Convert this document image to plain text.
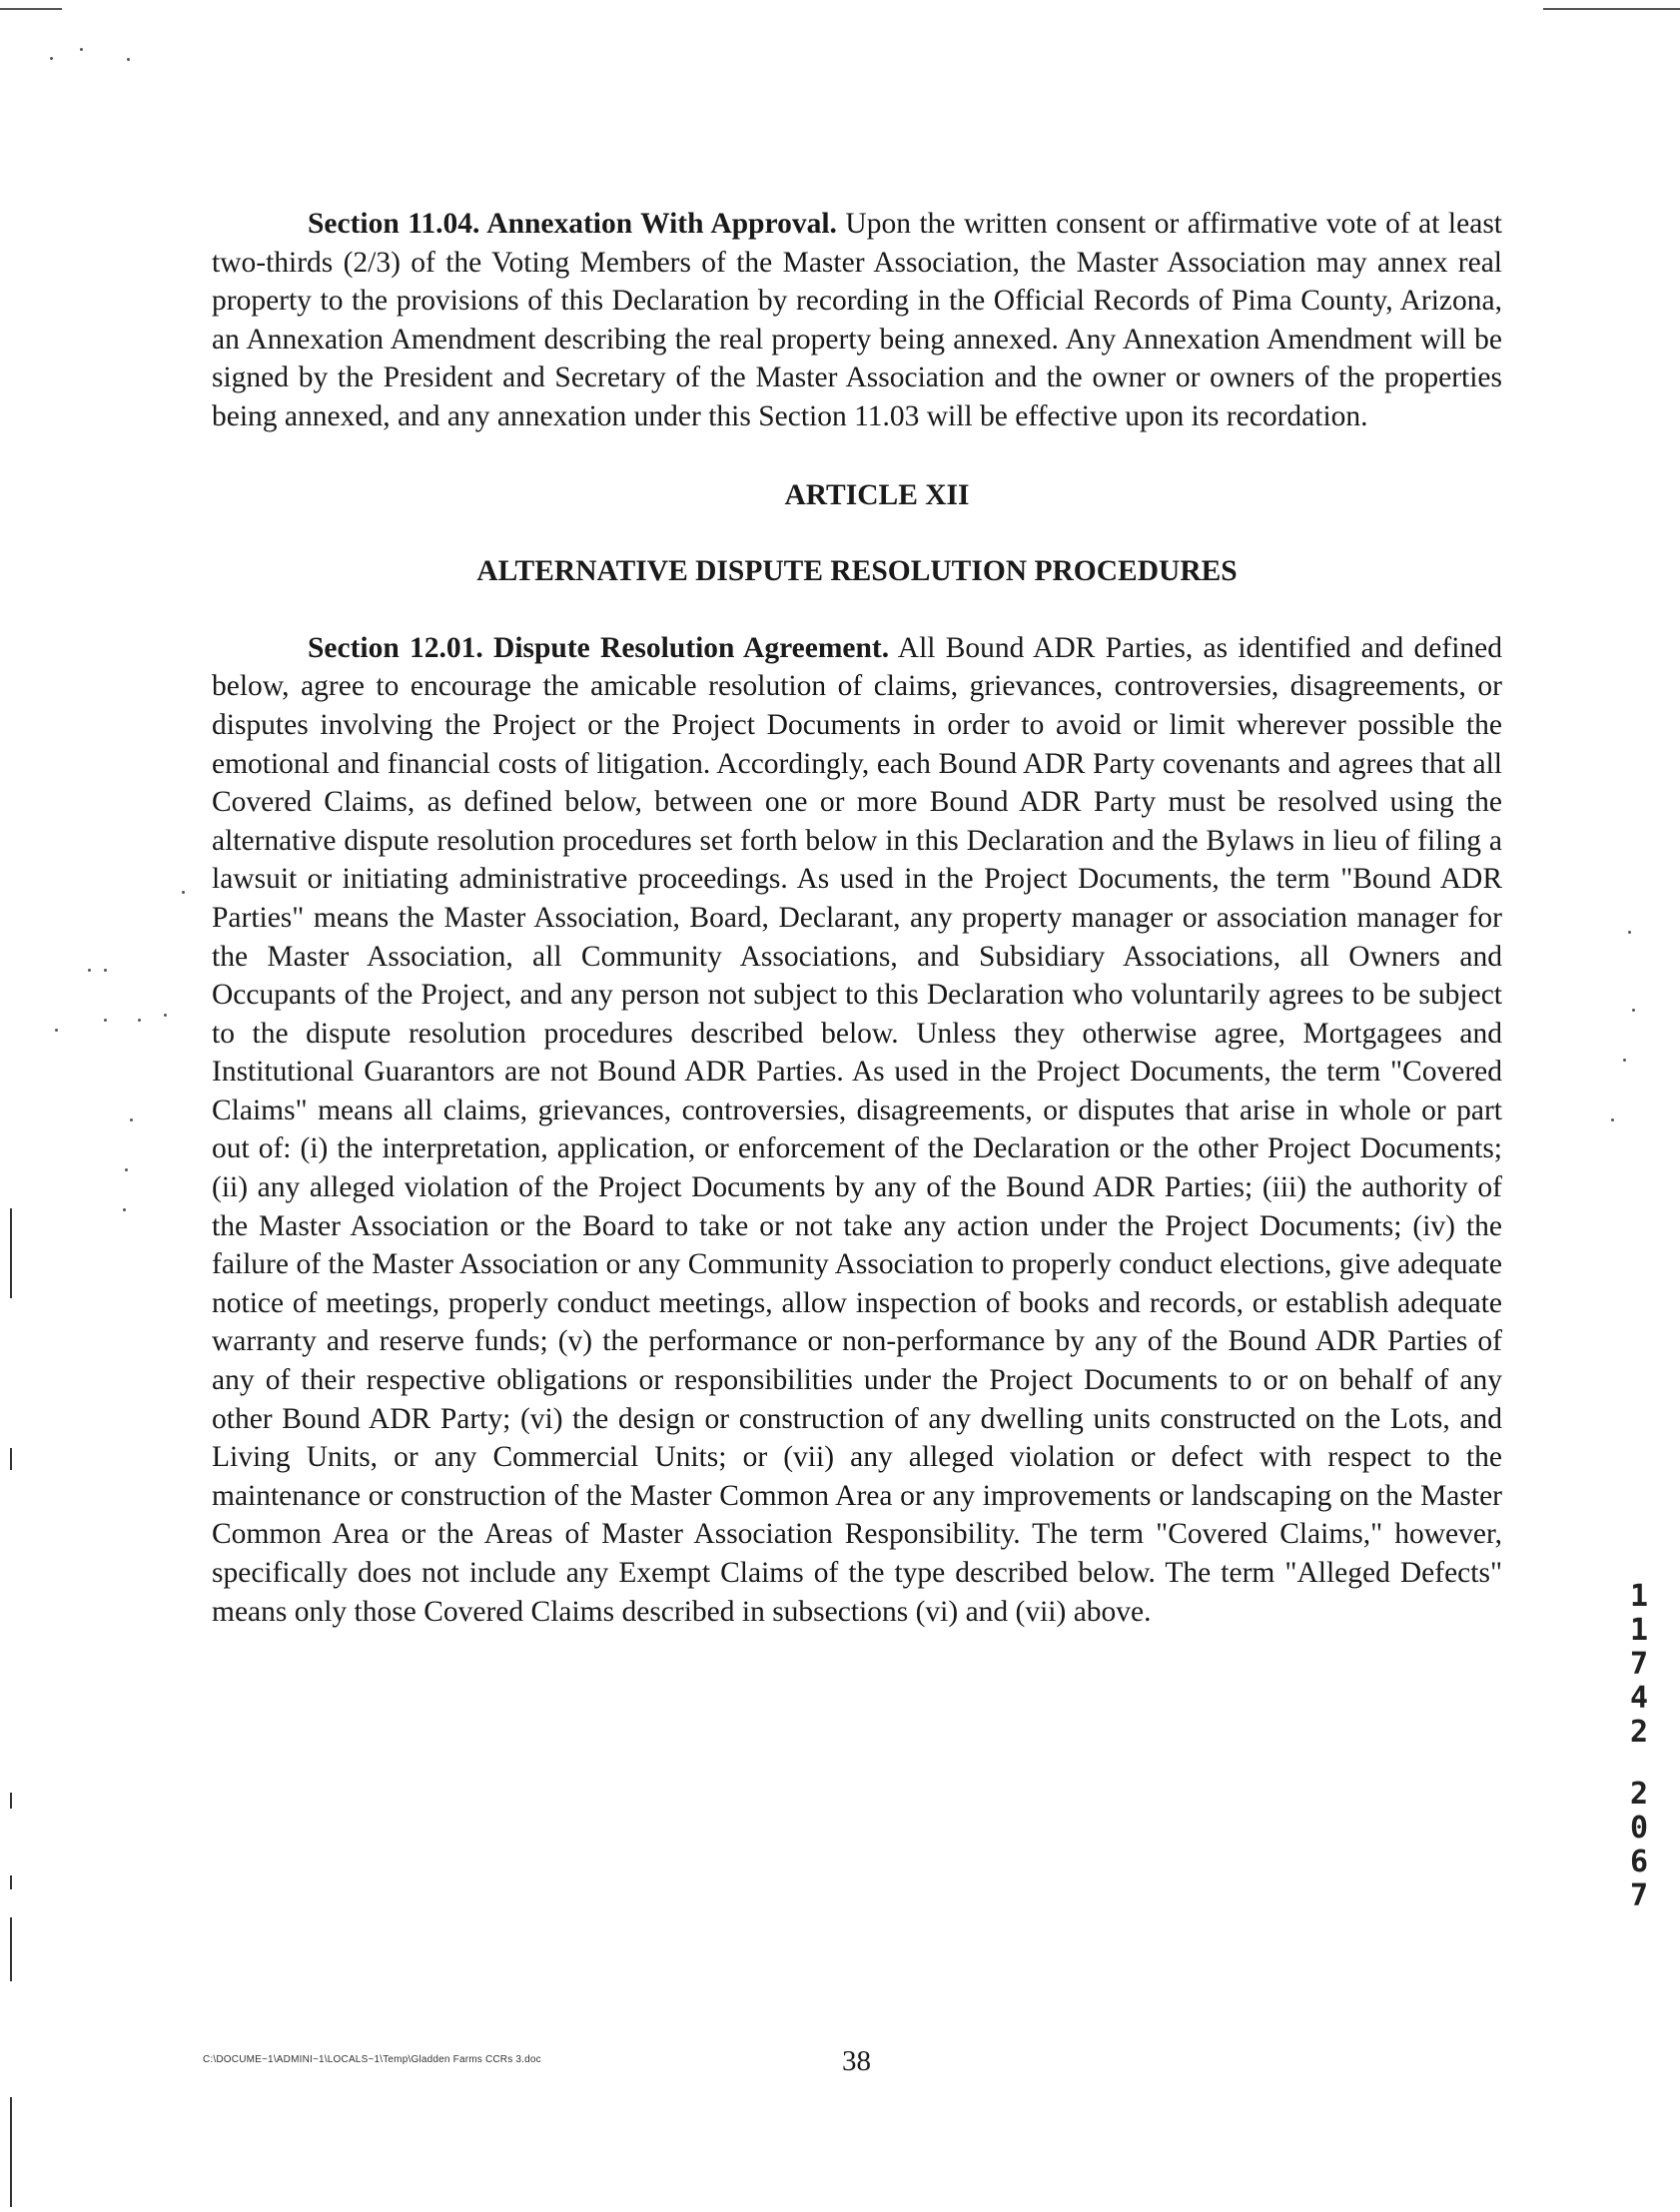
Section 11.04. Annexation With Approval. Upon the written consent or affirmative vote of at least two-thirds (2/3) of the Voting Members of the Master Association, the Master Association may annex real property to the provisions of this Declaration by recording in the Official Records of Pima County, Arizona, an Annexation Amendment describing the real property being annexed. Any Annexation Amendment will be signed by the President and Secretary of the Master Association and the owner or owners of the properties being annexed, and any annexation under this Section 11.03 will be effective upon its recordation.

ARTICLE XII
ALTERNATIVE DISPUTE RESOLUTION PROCEDURES

Section 12.01. Dispute Resolution Agreement. All Bound ADR Parties, as identified and defined below, agree to encourage the amicable resolution of claims, grievances, controversies, disagreements, or disputes involving the Project or the Project Documents in order to avoid or limit wherever possible the emotional and financial costs of litigation. Accordingly, each Bound ADR Party covenants and agrees that all Covered Claims, as defined below, between one or more Bound ADR Party must be resolved using the alternative dispute resolution procedures set forth below in this Declaration and the Bylaws in lieu of filing a lawsuit or initiating administrative proceedings. As used in the Project Documents, the term "Bound ADR Parties" means the Master Association, Board, Declarant, any property manager or association manager for the Master Association, all Community Associations, and Subsidiary Associations, all Owners and Occupants of the Project, and any person not subject to this Declaration who voluntarily agrees to be subject to the dispute resolution procedures described below. Unless they otherwise agree, Mortgagees and Institutional Guarantors are not Bound ADR Parties. As used in the Project Documents, the term "Covered Claims" means all claims, grievances, controversies, disagreements, or disputes that arise in whole or part out of: (i) the interpretation, application, or enforcement of the Declaration or the other Project Documents; (ii) any alleged violation of the Project Documents by any of the Bound ADR Parties; (iii) the authority of the Master Association or the Board to take or not take any action under the Project Documents; (iv) the failure of the Master Association or any Community Association to properly conduct elections, give adequate notice of meetings, properly conduct meetings, allow inspection of books and records, or establish adequate warranty and reserve funds; (v) the performance or non-performance by any of the Bound ADR Parties of any of their respective obligations or responsibilities under the Project Documents to or on behalf of any other Bound ADR Party; (vi) the design or construction of any dwelling units constructed on the Lots, and Living Units, or any Commercial Units; or (vii) any alleged violation or defect with respect to the maintenance or construction of the Master Common Area or any improvements or landscaping on the Master Common Area or the Areas of Master Association Responsibility. The term "Covered Claims," however, specifically does not include any Exempt Claims of the type described below. The term "Alleged Defects" means only those Covered Claims described in subsections (vi) and (vii) above.

C:\DOCUME~1\ADMINI~1\LOCALS~1\Temp\Gladden Farms CCRs 3.doc	38
1
1
7
4
2
2
0
6
7
